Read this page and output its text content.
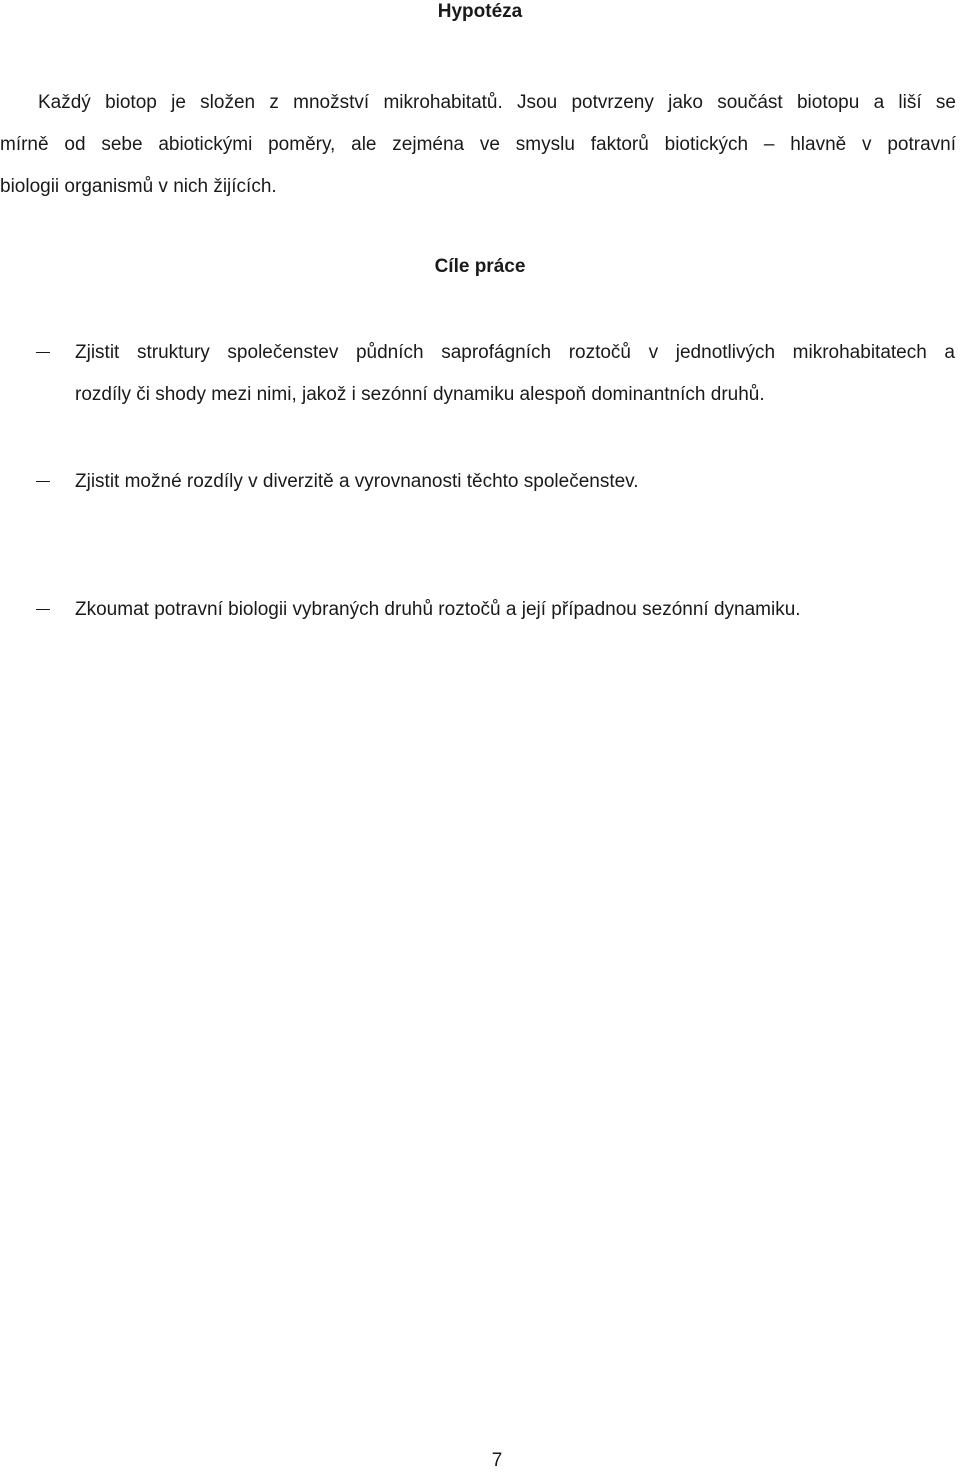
Hypotéza

Každý biotop je složen z množství mikrohabitatů. Jsou potvrzeny jako součást biotopu a liší se
mírně od sebe abiotickými poměry, ale zejména ve smyslu faktorů biotických – hlavně v potravní
biologii organismů v nich žijících.

Cíle práce
Zjistit struktury společenstev půdních saprofágních roztočů v jednotlivých mikrohabitatech a
rozdíly či shody mezi nimi, jakož i sezónní dynamiku alespoň dominantních druhů.
Zjistit možné rozdíly v diverzitě a vyrovnanosti těchto společenstev.
Zkoumat potravní biologii vybraných druhů roztočů a její případnou sezónní dynamiku.

7
